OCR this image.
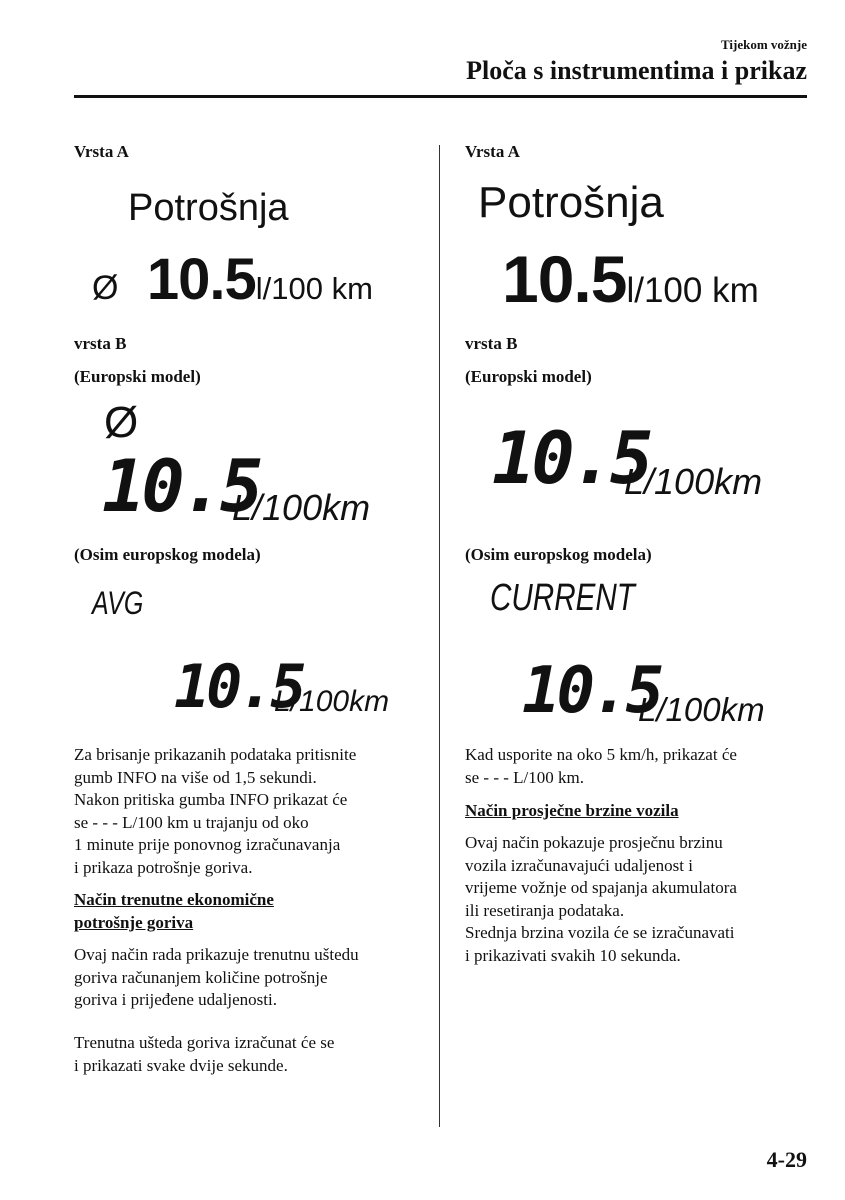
Tijekom vožnje
Ploča s instrumentima i prikaz
Vrsta A
Potrošnja
Ø 10.5l/100 km
vrsta B
(Europski model)
Ø
10.5
L/100km
(Osim europskog modela)
AVG
10.5
L/100km

Za brisanje prikazanih podataka pritisnite

gumb INFO na više od 1,5 sekundi.

Nakon pritiska gumba INFO prikazat će

se - - - L/100 km u trajanju od oko

1 minute prije ponovnog izračunavanja

i prikaza potrošnje goriva.

Način trenutne ekonomične
potrošnje goriva

Ovaj način rada prikazuje trenutnu uštedu

goriva računanjem količine potrošnje

goriva i prijeđene udaljenosti.

Trenutna ušteda goriva izračunat će se

i prikazati svake dvije sekunde.

Vrsta A
Potrošnja
10.5l/100 km
vrsta B
(Europski model)
10.5
L/100km
(Osim europskog modela)
CURRENT
10.5
L/100km

Kad usporite na oko 5 km/h, prikazat će

se - - - L/100 km.

Način prosječne brzine vozila

Ovaj način pokazuje prosječnu brzinu

vozila izračunavajući udaljenost i

vrijeme vožnje od spajanja akumulatora

ili resetiranja podataka.

Srednja brzina vozila će se izračunavati

i prikazivati svakih 10 sekunda.

4-29
